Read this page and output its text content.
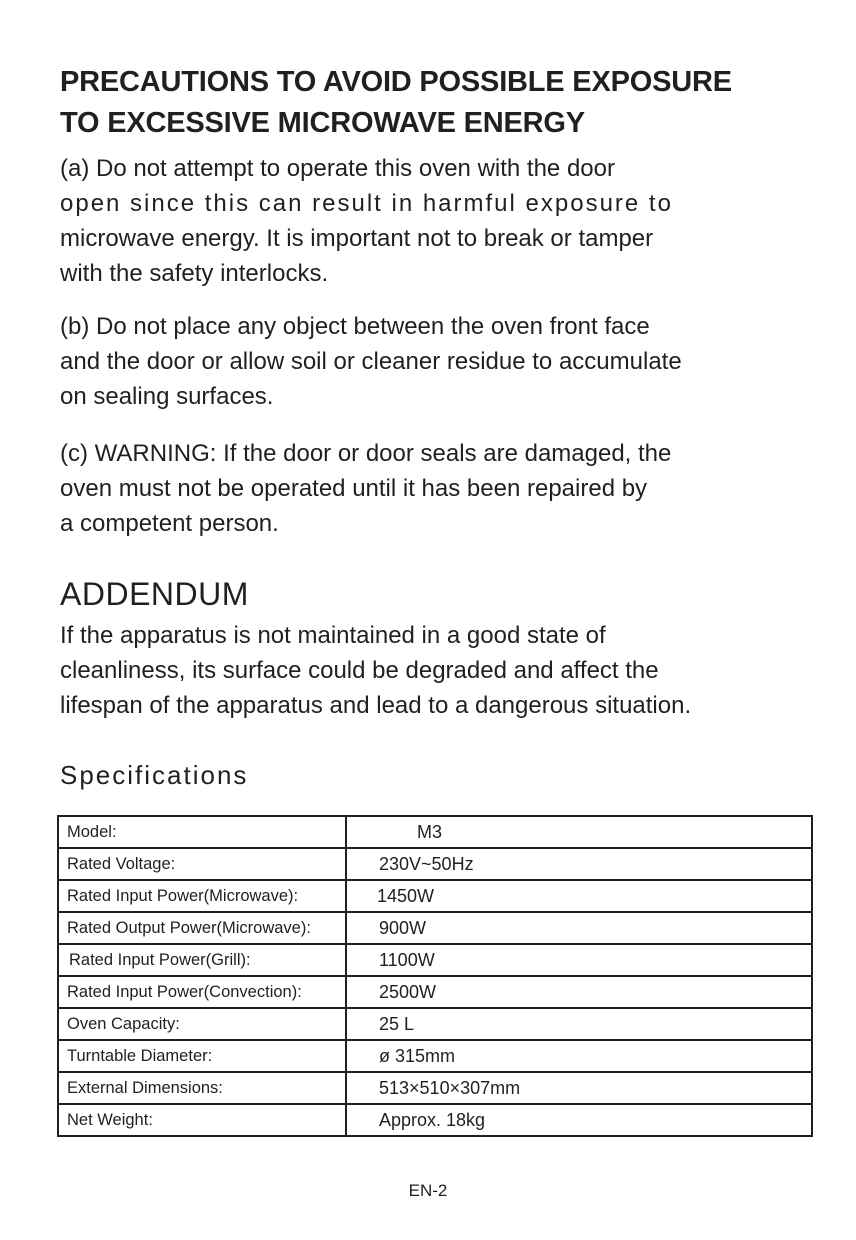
PRECAUTIONS TO AVOID POSSIBLE EXPOSURE
TO EXCESSIVE MICROWAVE ENERGY

(a) Do not attempt to operate this oven with the door
open since this can result in harmful exposure to
microwave energy. It is important not to break or tamper
with the safety interlocks.

(b) Do not place any object between the oven front face
and the door or allow soil or cleaner residue to accumulate
on sealing surfaces.

(c) WARNING: If the door or door seals are damaged, the
oven must not be operated until it has been repaired by
a competent person.

ADDENDUM

If the apparatus is not maintained in a good state of
cleanliness, its surface could be degraded and affect the
lifespan of the apparatus and lead to a dangerous situation.

Specifications
Model:	M3
Rated Voltage:	230V~50Hz
Rated Input Power(Microwave):	1450W
Rated Output Power(Microwave):	900W
Rated Input Power(Grill):	1100W
Rated Input Power(Convection):	2500W
Oven Capacity:	25 L
Turntable Diameter:	ø 315mm
External Dimensions:	513×510×307mm
Net Weight:	Approx. 18kg

EN-2
